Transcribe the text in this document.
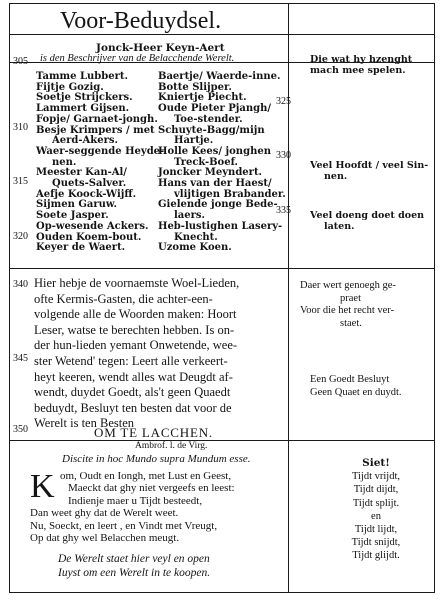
Voor-Beduydsel.
Jonck-Heer Keyn-Aert
is den Beschrijver van de Belacchende Werelt.
305
310
315
320
325
330
335
340
345
350
Tamme Lubbert.
Fijtje Gozig.
Soetje Strijckers.
Lammert Gijsen.
Fopje/ Garnaet-jongh.
Besje Krimpers / met
Aerd-Akers.
Waer-seggende Heyde-
nen.
Meester Kan-Al/
Quets-Salver.
Aefje Koock-Wijff.
Sijmen Garuw.
Soete Jasper.
Op-wesende Ackers.
Ouden Koem-bout.
Keyer de Waert.
Baertje/ Waerde-inne.
Botte Slijper.
Kniertje Piecht.
Oude Pieter Pjangh/
Toe-stender.
Schuyte-Bagg/mijn
Hartje.
Holle Kees/ jonghen
Treck-Boef.
Joncker Meyndert.
Hans van der Haest/
vlijtigen Brabander.
Gielende jonge Bede-
laers.
Heb-lustighen Lasery-
Knecht.
Uzome Koen.
Die wat hy hzenght
mach mee spelen.
Veel Hoofdt / veel Sin-
nen.
Veel doeng doet doen
laten.
Hier hebje de voornaemste Woel-Lieden,
ofte Kermis-Gasten, die achter-een-
volgende alle de Woorden maken: Hoort
Leser, watse te berechten hebben. Is on-
der hun-lieden yemant Onwetende, wee-
ster Wetend' tegen: Leert alle verkeert-
heyt keeren, wendt alles wat Deugdt af-
wendt, duydet Goedt, als't geen Quaedt
beduydt, Besluyt ten besten dat voor de
Werelt is ten Besten
Daer wert genoegh ge-
praet
Voor die het recht ver-
staet.
Een Goedt Besluyt
Geen Quaet en duydt.
OM TE LACCHEN.
Ambrof. l. de Virg.
Discite in hoc Mundo supra Mundum esse.
K om, Oudt en Iongh, met Lust en Geest,
Maeckt dat ghy niet vergeefs en leest:
Indienje maer u Tijdt besteedt,
Dan weet ghy dat de Werelt weet.
Nu, Soeckt, en leert , en Vindt met Vreugt,
Op dat ghy wel Belacchen meugt.
De Werelt staet hier veyl en open
Iuyst om een Werelt in te koopen.
Siet!
Tijdt vrijdt,
Tijdt dijdt,
Tijdt splijt.
en
Tijdt lijdt,
Tijdt snijdt,
Tijdt glijdt.
